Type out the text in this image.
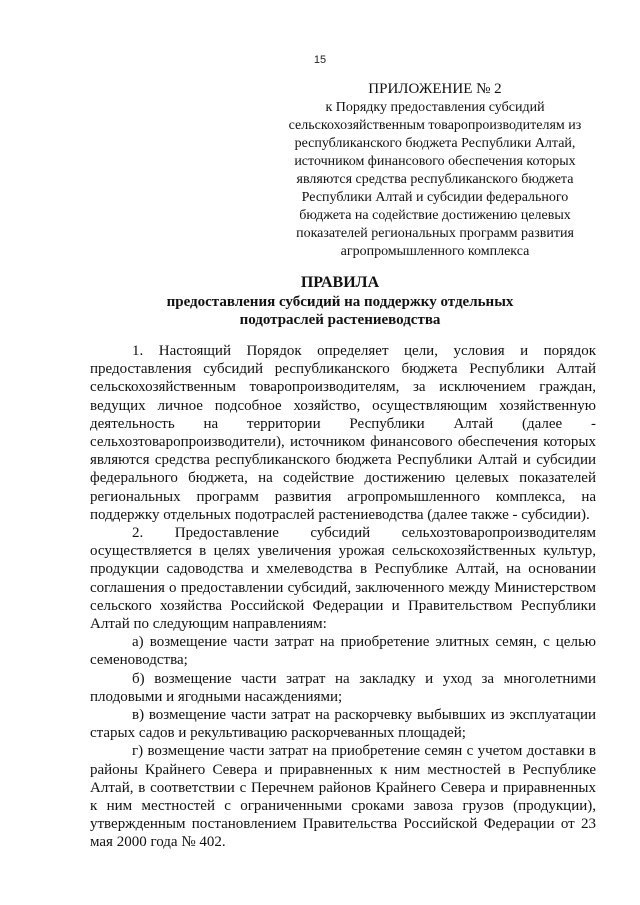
15
ПРИЛОЖЕНИЕ № 2
к Порядку предоставления субсидий
сельскохозяйственным товаропроизводителям из
республиканского бюджета Республики Алтай,
источником финансового обеспечения которых
являются средства республиканского бюджета
Республики Алтай и субсидии федерального
бюджета на содействие достижению целевых
показателей региональных программ развития
агропромышленного комплекса
ПРАВИЛА
предоставления субсидий на поддержку отдельных
подотраслей растениеводства

1. Настоящий Порядок определяет цели, условия и порядок предоставления субсидий республиканского бюджета Республики Алтай сельскохозяйственным товаропроизводителям, за исключением граждан, ведущих личное подсобное хозяйство, осуществляющим хозяйственную деятельность на территории Республики Алтай (далее - сельхозтоваропроизводители), источником финансового обеспечения которых являются средства республиканского бюджета Республики Алтай и субсидии федерального бюджета, на содействие достижению целевых показателей региональных программ развития агропромышленного комплекса, на поддержку отдельных подотраслей растениеводства (далее также - субсидии).

2. Предоставление субсидий сельхозтоваропроизводителям осуществляется в целях увеличения урожая сельскохозяйственных культур, продукции садоводства и хмелеводства в Республике Алтай, на основании соглашения о предоставлении субсидий, заключенного между Министерством сельского хозяйства Российской Федерации и Правительством Республики Алтай по следующим направлениям:

а) возмещение части затрат на приобретение элитных семян, с целью семеноводства;

б) возмещение части затрат на закладку и уход за многолетними плодовыми и ягодными насаждениями;

в) возмещение части затрат на раскорчевку выбывших из эксплуатации старых садов и рекультивацию раскорчеванных площадей;

г) возмещение части затрат на приобретение семян с учетом доставки в районы Крайнего Севера и приравненных к ним местностей в Республике Алтай, в соответствии с Перечнем районов Крайнего Севера и приравненных к ним местностей с ограниченными сроками завоза грузов (продукции), утвержденным постановлением Правительства Российской Федерации от 23 мая 2000 года № 402.
